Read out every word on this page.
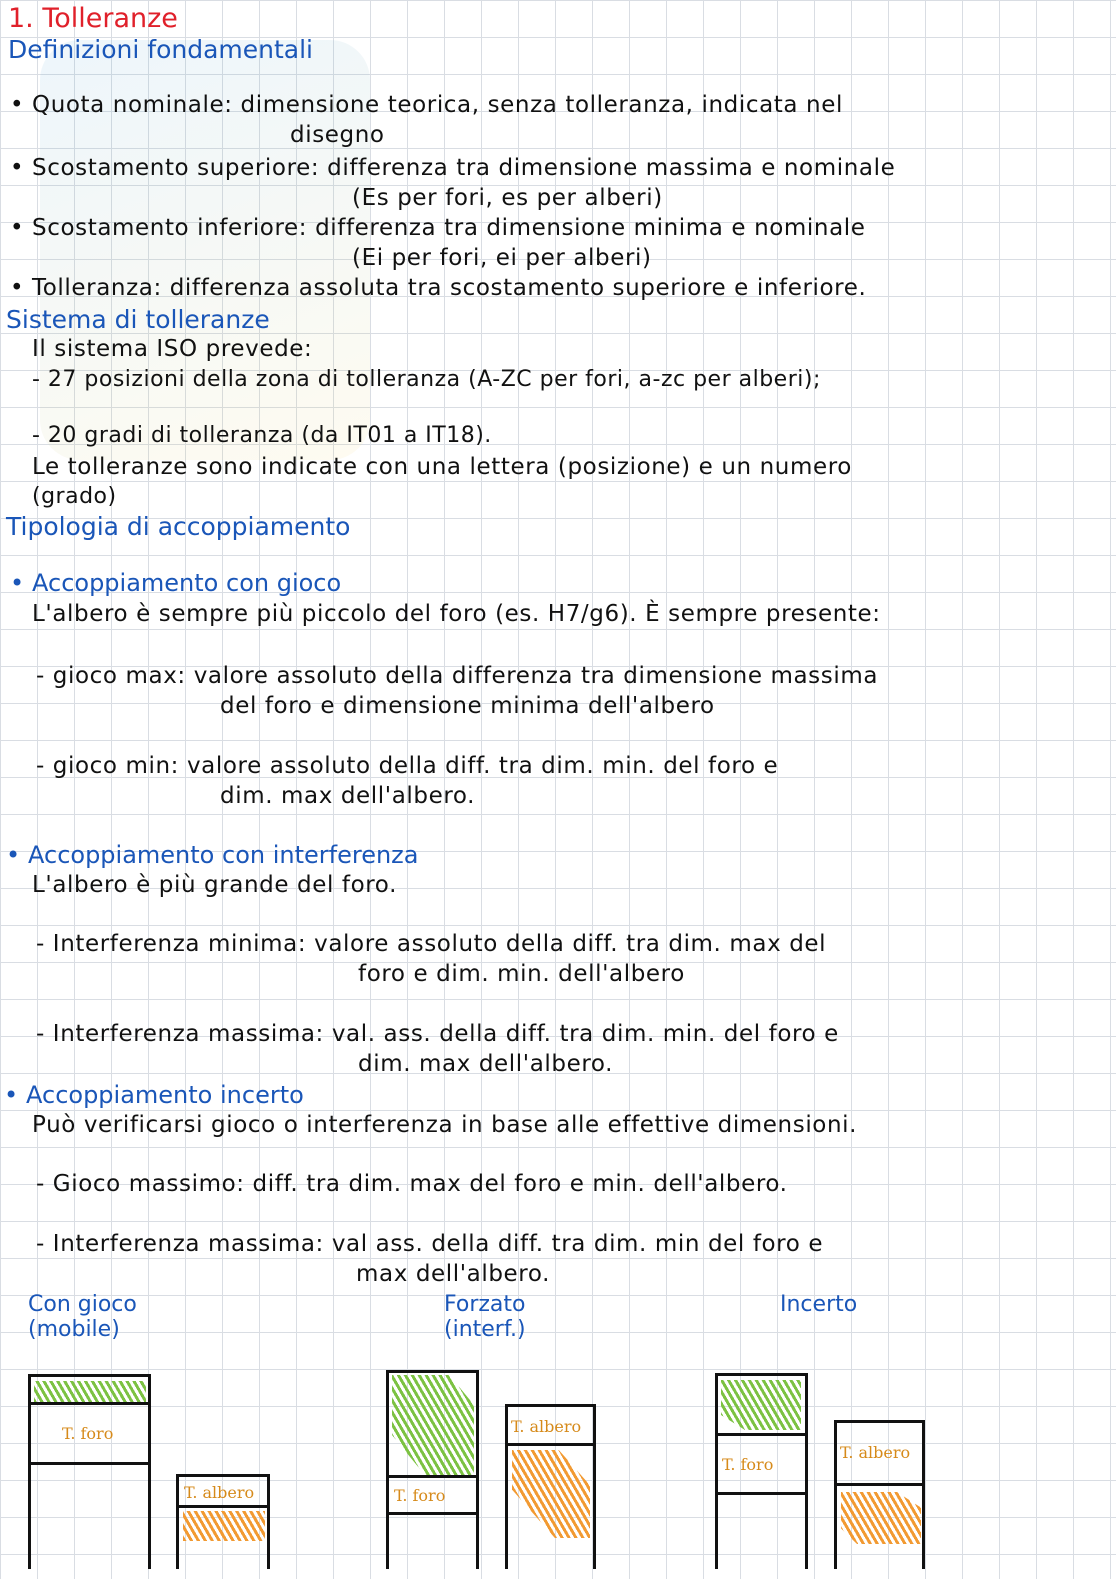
1. Tolleranze
Definizioni fondamentali
• Quota nominale: dimensione teorica, senza tolleranza, indicata nel
disegno
• Scostamento superiore: differenza tra dimensione massima e nominale
(Es per fori, es per alberi)
• Scostamento inferiore: differenza tra dimensione minima e nominale
(Ei per fori, ei per alberi)
• Tolleranza: differenza assoluta tra scostamento superiore e inferiore.
Sistema di tolleranze
Il sistema ISO prevede:
- 27 posizioni della zona di tolleranza (A-ZC per fori, a-zc per alberi);
- 20 gradi di tolleranza (da IT01 a IT18).
Le tolleranze sono indicate con una lettera (posizione) e un numero
(grado)
Tipologia di accoppiamento
• Accoppiamento con gioco
L'albero è sempre più piccolo del foro (es. H7/g6). È sempre presente:
- gioco max: valore assoluto della differenza tra dimensione massima
del foro e dimensione minima dell'albero
- gioco min: valore assoluto della diff. tra dim. min. del foro e
dim. max dell'albero.
• Accoppiamento con interferenza
L'albero è più grande del foro.
- Interferenza minima: valore assoluto della diff. tra dim. max del
foro e dim. min. dell'albero
- Interferenza massima: val. ass. della diff. tra dim. min. del foro e
dim. max dell'albero.
• Accoppiamento incerto
Può verificarsi gioco o interferenza in base alle effettive dimensioni.
- Gioco massimo: diff. tra dim. max del foro e min. dell'albero.
- Interferenza massima: val ass. della diff. tra dim. min del foro e
max dell'albero.
Con gioco
(mobile)
Forzato
(interf.)
Incerto
T. foro
T. albero	T. foro
T. albero
T. foro
T. albero
